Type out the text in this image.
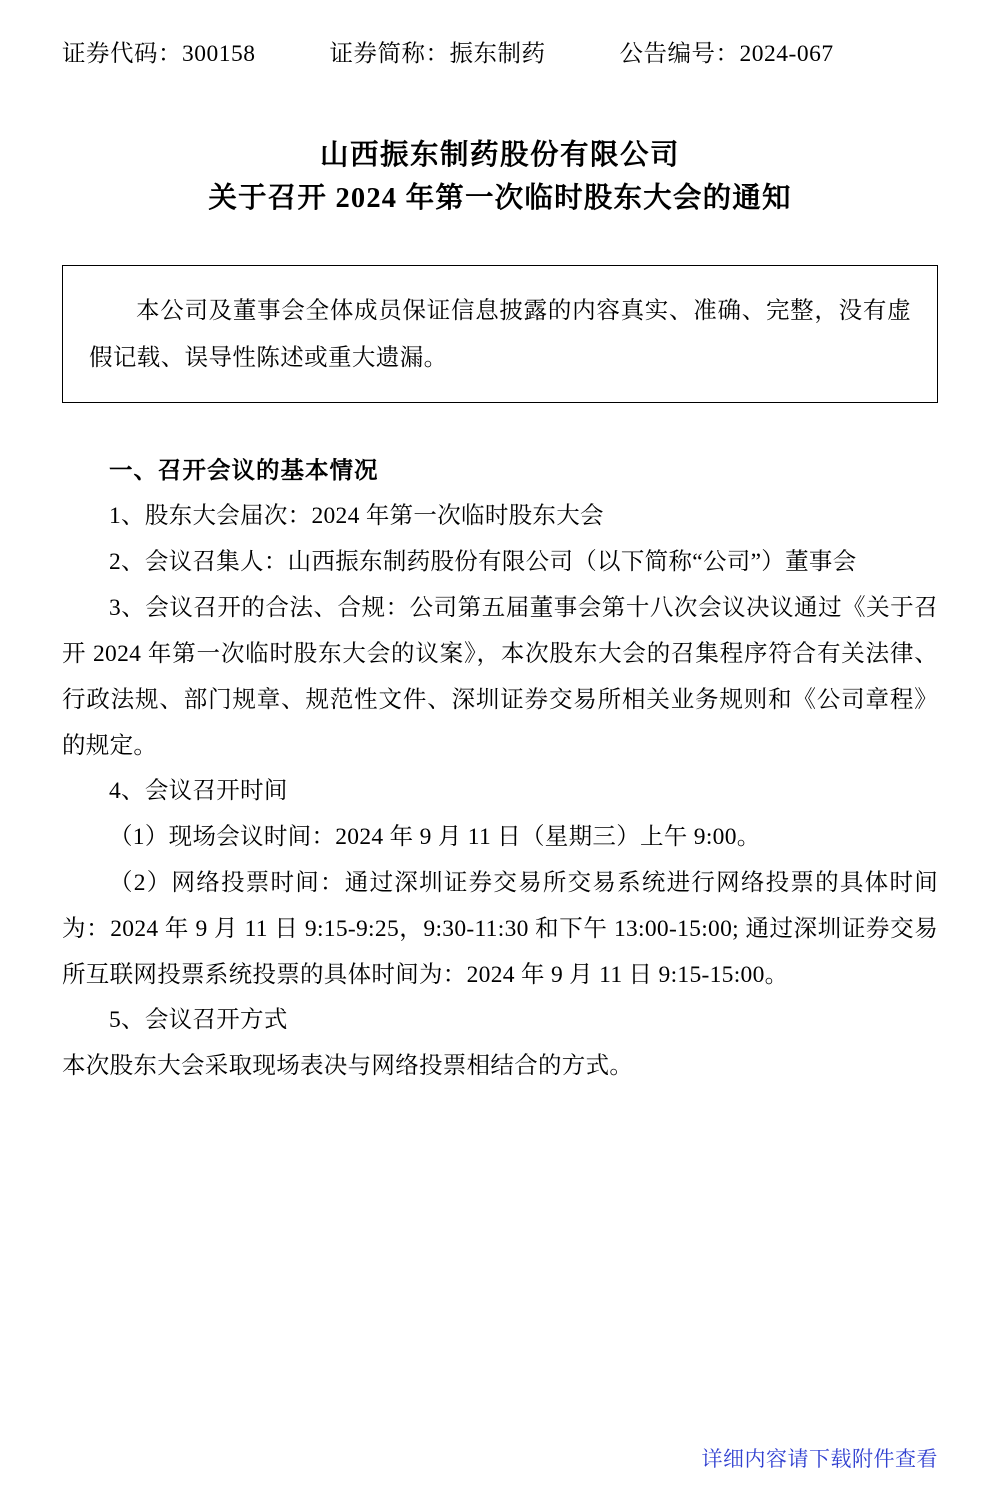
证券代码：300158	证券简称：振东制药	公告编号：2024-067
山西振东制药股份有限公司
关于召开 2024 年第一次临时股东大会的通知
本公司及董事会全体成员保证信息披露的内容真实、准确、完整，没有虚假记载、误导性陈述或重大遗漏。
一、召开会议的基本情况
1、股东大会届次：2024 年第一次临时股东大会
2、会议召集人：山西振东制药股份有限公司（以下简称“公司”）董事会
3、会议召开的合法、合规：公司第五届董事会第十八次会议决议通过《关于召开 2024 年第一次临时股东大会的议案》，本次股东大会的召集程序符合有关法律、行政法规、部门规章、规范性文件、深圳证券交易所相关业务规则和《公司章程》的规定。
4、会议召开时间
（1）现场会议时间：2024 年 9 月 11 日（星期三）上午 9:00。
（2）网络投票时间：通过深圳证券交易所交易系统进行网络投票的具体时间为：2024 年 9 月 11 日 9:15-9:25，9:30-11:30 和下午 13:00-15:00; 通过深圳证券交易所互联网投票系统投票的具体时间为：2024 年 9 月 11 日 9:15-15:00。
5、会议召开方式
本次股东大会采取现场表决与网络投票相结合的方式。
详细内容请下载附件查看
